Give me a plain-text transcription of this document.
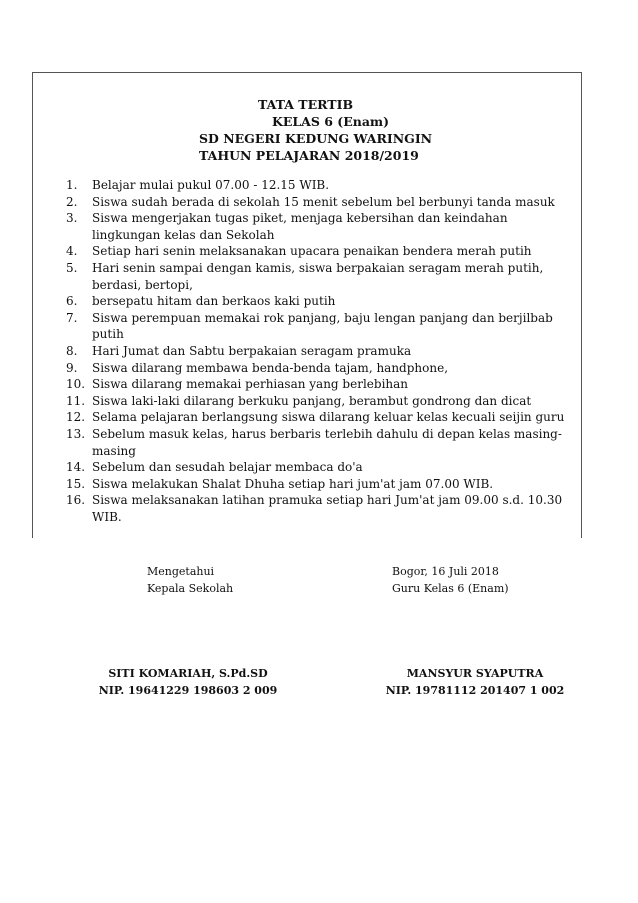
TATA TERTIB
KELAS 6 (Enam)
SD NEGERI KEDUNG WARINGIN
TAHUN PELAJARAN 2018/2019
1. Belajar mulai pukul 07.00 - 12.15 WIB.
2. Siswa sudah berada di sekolah 15 menit sebelum bel berbunyi tanda masuk
3. Siswa mengerjakan tugas piket, menjaga kebersihan dan keindahan lingkungan kelas dan Sekolah
4. Setiap hari senin melaksanakan upacara penaikan bendera merah putih
5. Hari senin sampai dengan kamis, siswa berpakaian seragam merah putih, berdasi, bertopi,
6. bersepatu hitam dan berkaos kaki putih
7. Siswa perempuan memakai rok panjang, baju lengan panjang dan berjilbab putih
8. Hari Jumat dan Sabtu berpakaian seragam pramuka
9. Siswa dilarang membawa benda-benda tajam, handphone,
10. Siswa dilarang memakai perhiasan yang berlebihan
11. Siswa laki-laki dilarang berkuku panjang, berambut gondrong dan dicat
12. Selama pelajaran berlangsung siswa dilarang keluar kelas kecuali seijin guru
13. Sebelum masuk kelas, harus berbaris terlebih dahulu di depan kelas masing-masing
14. Sebelum dan sesudah belajar membaca do'a
15. Siswa melakukan Shalat Dhuha setiap hari jum'at jam 07.00 WIB.
16. Siswa melaksanakan latihan pramuka setiap hari Jum'at jam 09.00 s.d. 10.30 WIB.
Mengetahui
Kepala Sekolah
Bogor, 16 Juli 2018
Guru Kelas 6 (Enam)
SITI KOMARIAH, S.Pd.SD
NIP. 19641229 198603 2 009
MANSYUR SYAPUTRA
NIP. 19781112 201407 1 002
